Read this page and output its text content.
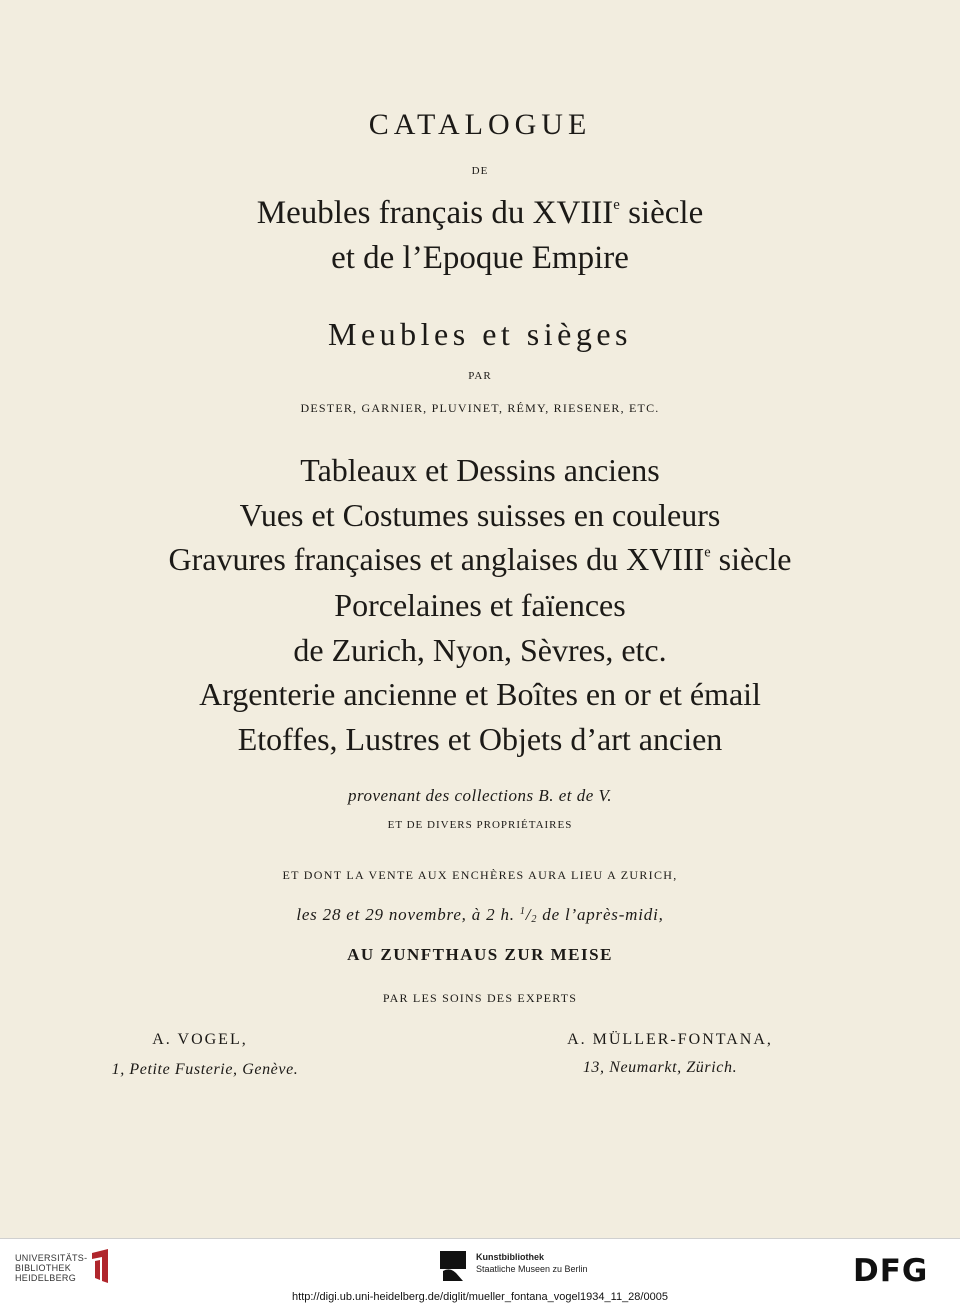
CATALOGUE
DE
Meubles français du XVIIIe siècle
et de l’Epoque Empire
Meubles et sièges
PAR
DESTER, GARNIER, PLUVINET, RÉMY, RIESENER, ETC.
Tableaux et Dessins anciens
Vues et Costumes suisses en couleurs
Gravures françaises et anglaises du XVIIIe siècle
Porcelaines et faïences
de Zurich, Nyon, Sèvres, etc.
Argenterie ancienne et Boîtes en or et émail
Etoffes, Lustres et Objets d’art ancien
provenant des collections B. et de V.
ET DE DIVERS PROPRIÉTAIRES
ET DONT LA VENTE AUX ENCHÈRES AURA LIEU A ZURICH,
les 28 et 29 novembre, à 2 h. $^1$/2 de l’après-midi,
AU ZUNFTHAUS ZUR MEISE
PAR LES SOINS DES EXPERTS
A. VOGEL,
1, Petite Fusterie, Genève.
A. MÜLLER-FONTANA,
13, Neumarkt, Zürich.
UNIVERSITÄTS-
BIBLIOTHEK
HEIDELBERG
Kunstbibliothek
Staatliche Museen zu Berlin	DFG
http://digi.ub.uni-heidelberg.de/diglit/mueller_fontana_vogel1934_11_28/0005
